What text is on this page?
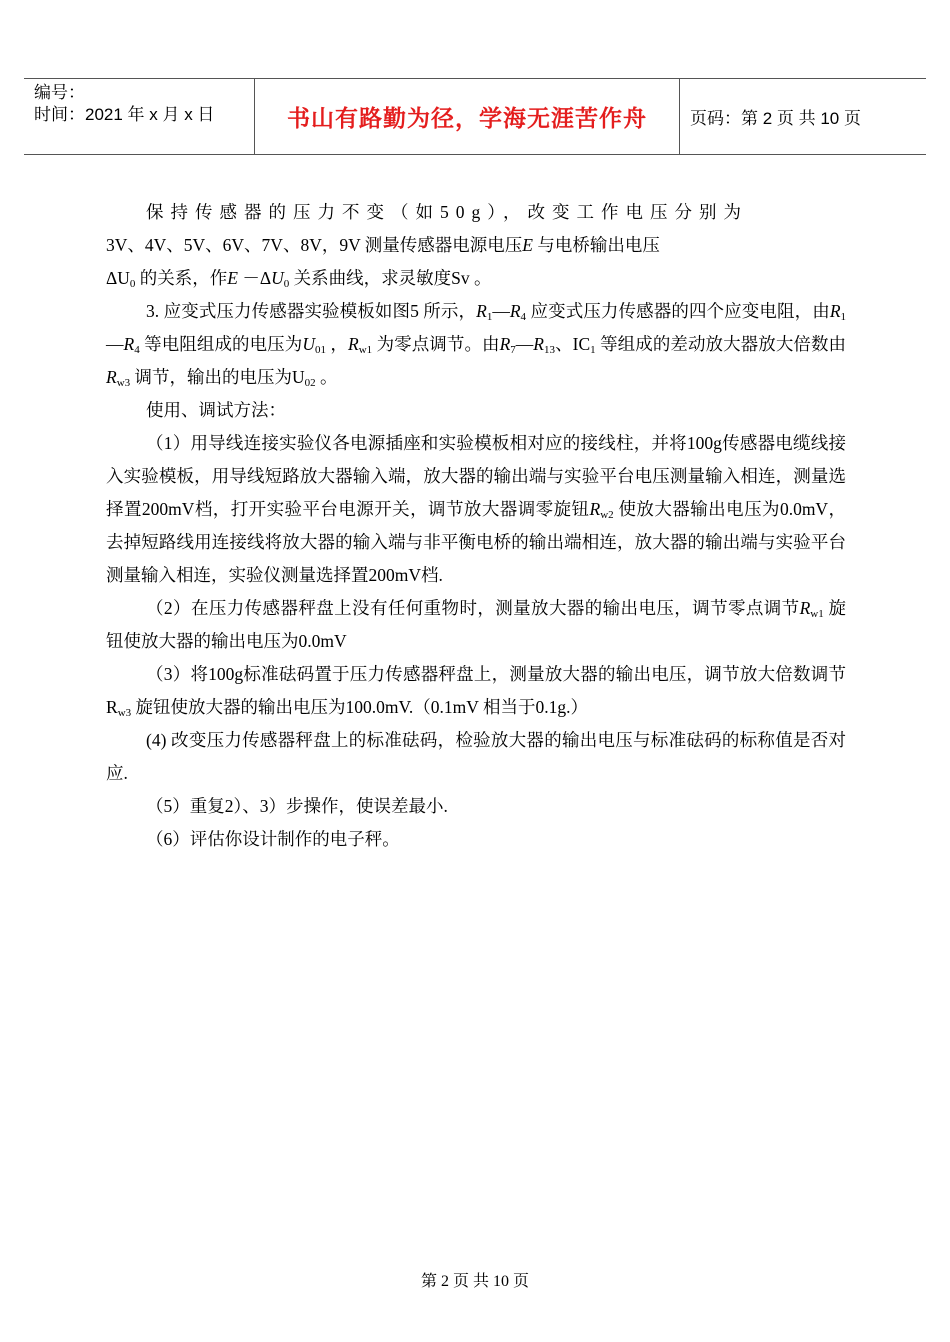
编号：
时间：2021 年 x 月 x 日	书山有路勤为径，学海无涯苦作舟	页码：第 2 页 共 10 页

保持传感器的压力不变（如50g），改变工作电压分别为
3V、4V、5V、6V、7V、8V，9V 测量传感器电源电压E 与电桥输出电压
$\Delta U_0$ 的关系，作$E -\Delta U_0$ 关系曲线，求灵敏度Sv 。

3. 应变式压力传感器实验模板如图5 所示，$R_1—R_4$ 应变式压力传感器的四个应变电阻，由$R_1—R_4$ 等电阻组成的电压为$U_{01}$ ，$R_{w1}$ 为零点调节。由$R_7—R_{13}$、$IC_1$ 等组成的差动放大器放大倍数由$R_{w3}$ 调节，输出的电压为$U_{02}$ 。

使用、调试方法：

（1）用导线连接实验仪各电源插座和实验模板相对应的接线柱，并将100g传感器电缆线接入实验模板，用导线短路放大器输入端，放大器的输出端与实验平台电压测量输入相连，测量选择置200mV档，打开实验平台电源开关，调节放大器调零旋钮$R_{w2}$ 使放大器输出电压为0.0mV，去掉短路线用连接线将放大器的输入端与非平衡电桥的输出端相连，放大器的输出端与实验平台测量输入相连，实验仪测量选择置200mV档.

（2）在压力传感器秤盘上没有任何重物时，测量放大器的输出电压，调节零点调节$R_{w1}$ 旋钮使放大器的输出电压为0.0mV

（3）将100g标准砝码置于压力传感器秤盘上，测量放大器的输出电压，调节放大倍数调节$R_{w3}$ 旋钮使放大器的输出电压为100.0mV.（0.1mV 相当于0.1g.）

(4) 改变压力传感器秤盘上的标准砝码，检验放大器的输出电压与标准砝码的标称值是否对应.

（5）重复2）、3）步操作，使误差最小.

（6）评估你设计制作的电子秤。

第 2 页 共 10 页
